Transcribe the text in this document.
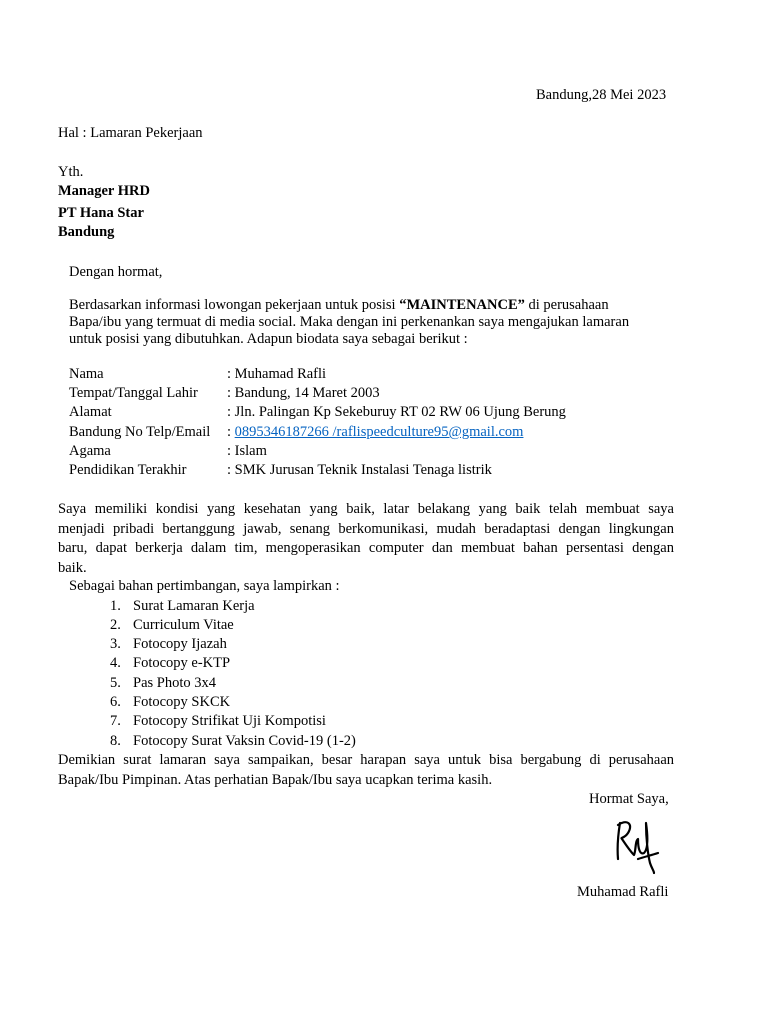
Bandung,28 Mei 2023
Hal : Lamaran Pekerjaan
Yth.
Manager HRD
PT Hana Star
Bandung
Dengan hormat,
Berdasarkan informasi lowongan pekerjaan untuk posisi “MAINTENANCE” di perusahaan
Bapa/ibu yang termuat di media social. Maka dengan ini perkenankan saya mengajukan lamaran
untuk posisi yang dibutuhkan. Adapun biodata saya sebagai berikut :
Nama	: Muhamad Rafli
Tempat/Tanggal Lahir : Bandung, 14 Maret 2003
Alamat	: Jln. Palingan Kp Sekeburuy RT 02 RW 06 Ujung Berung
Bandung No Telp/Email : 0895346187266 /raflispeedculture95@gmail.com
Agama	: Islam
Pendidikan Terakhir	: SMK Jurusan Teknik Instalasi Tenaga listrik
Saya memiliki kondisi yang kesehatan yang baik, latar belakang yang baik telah membuat saya
menjadi pribadi bertanggung jawab, senang berkomunikasi, mudah beradaptasi dengan lingkungan
baru, dapat berkerja dalam tim, mengoperasikan computer dan membuat bahan persentasi dengan
baik.
Sebagai bahan pertimbangan, saya lampirkan :
1. Surat Lamaran Kerja
2. Curriculum Vitae
3. Fotocopy Ijazah
4. Fotocopy e-KTP
5. Pas Photo 3x4
6. Fotocopy SKCK
7. Fotocopy Strifikat Uji Kompotisi
8. Fotocopy Surat Vaksin Covid-19 (1-2)
Demikian surat lamaran saya sampaikan, besar harapan saya untuk bisa bergabung di perusahaan
Bapak/Ibu Pimpinan. Atas perhatian Bapak/Ibu saya ucapkan terima kasih.
Hormat Saya,
Muhamad Rafli
